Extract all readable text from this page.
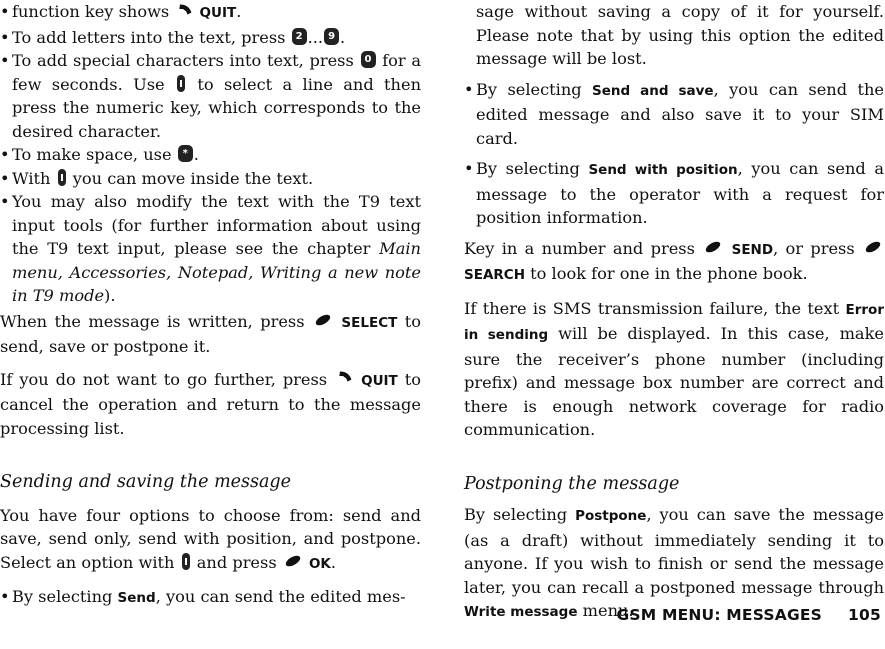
• function key shows QUIT.

• To add letters into the text, press 2 ... 9 .

• To add special characters into text, press 0 for a few seconds. Use to select a line and then press the numeric key, which corresponds to the desired character.

• To make space, use * .

• With you can move inside the text.

• You may also modify the text with the T9 text input tools (for further information about using the T9 text input, please see the chapter Main menu, Accessories, Notepad, Writing a new note in T9 mode).

When the message is written, press	SELECT to send, save or postpone it.

If you do not want to go further, press	QUIT to cancel the operation and return to the message processing list.

Sending and saving the message

You have four options to choose from: send and save, send only, send with position, and postpone. Select an option with and press OK.

• By selecting Send, you can send the edited mes-

sage without saving a copy of it for yourself. Please note that by using this option the edited message will be lost.

• By selecting Send and save, you can send the edited message and also save it to your SIM card.

• By selecting Send with position, you can send a message to the operator with a request for position information.

Key in a number and press	SEND, or press  SEARCH to look for one in the phone book.

If there is SMS transmission failure, the text Error in sending will be displayed. In this case, make sure the receiver’s phone number (including prefix) and message box number are correct and there is enough network coverage for radio communication.

Postponing the message

By selecting Postpone, you can save the message (as a draft) without immediately sending it to anyone. If you wish to finish or send the message later, you can recall a postponed message through Write message menu.

GSM MENU: MESSAGES 105
